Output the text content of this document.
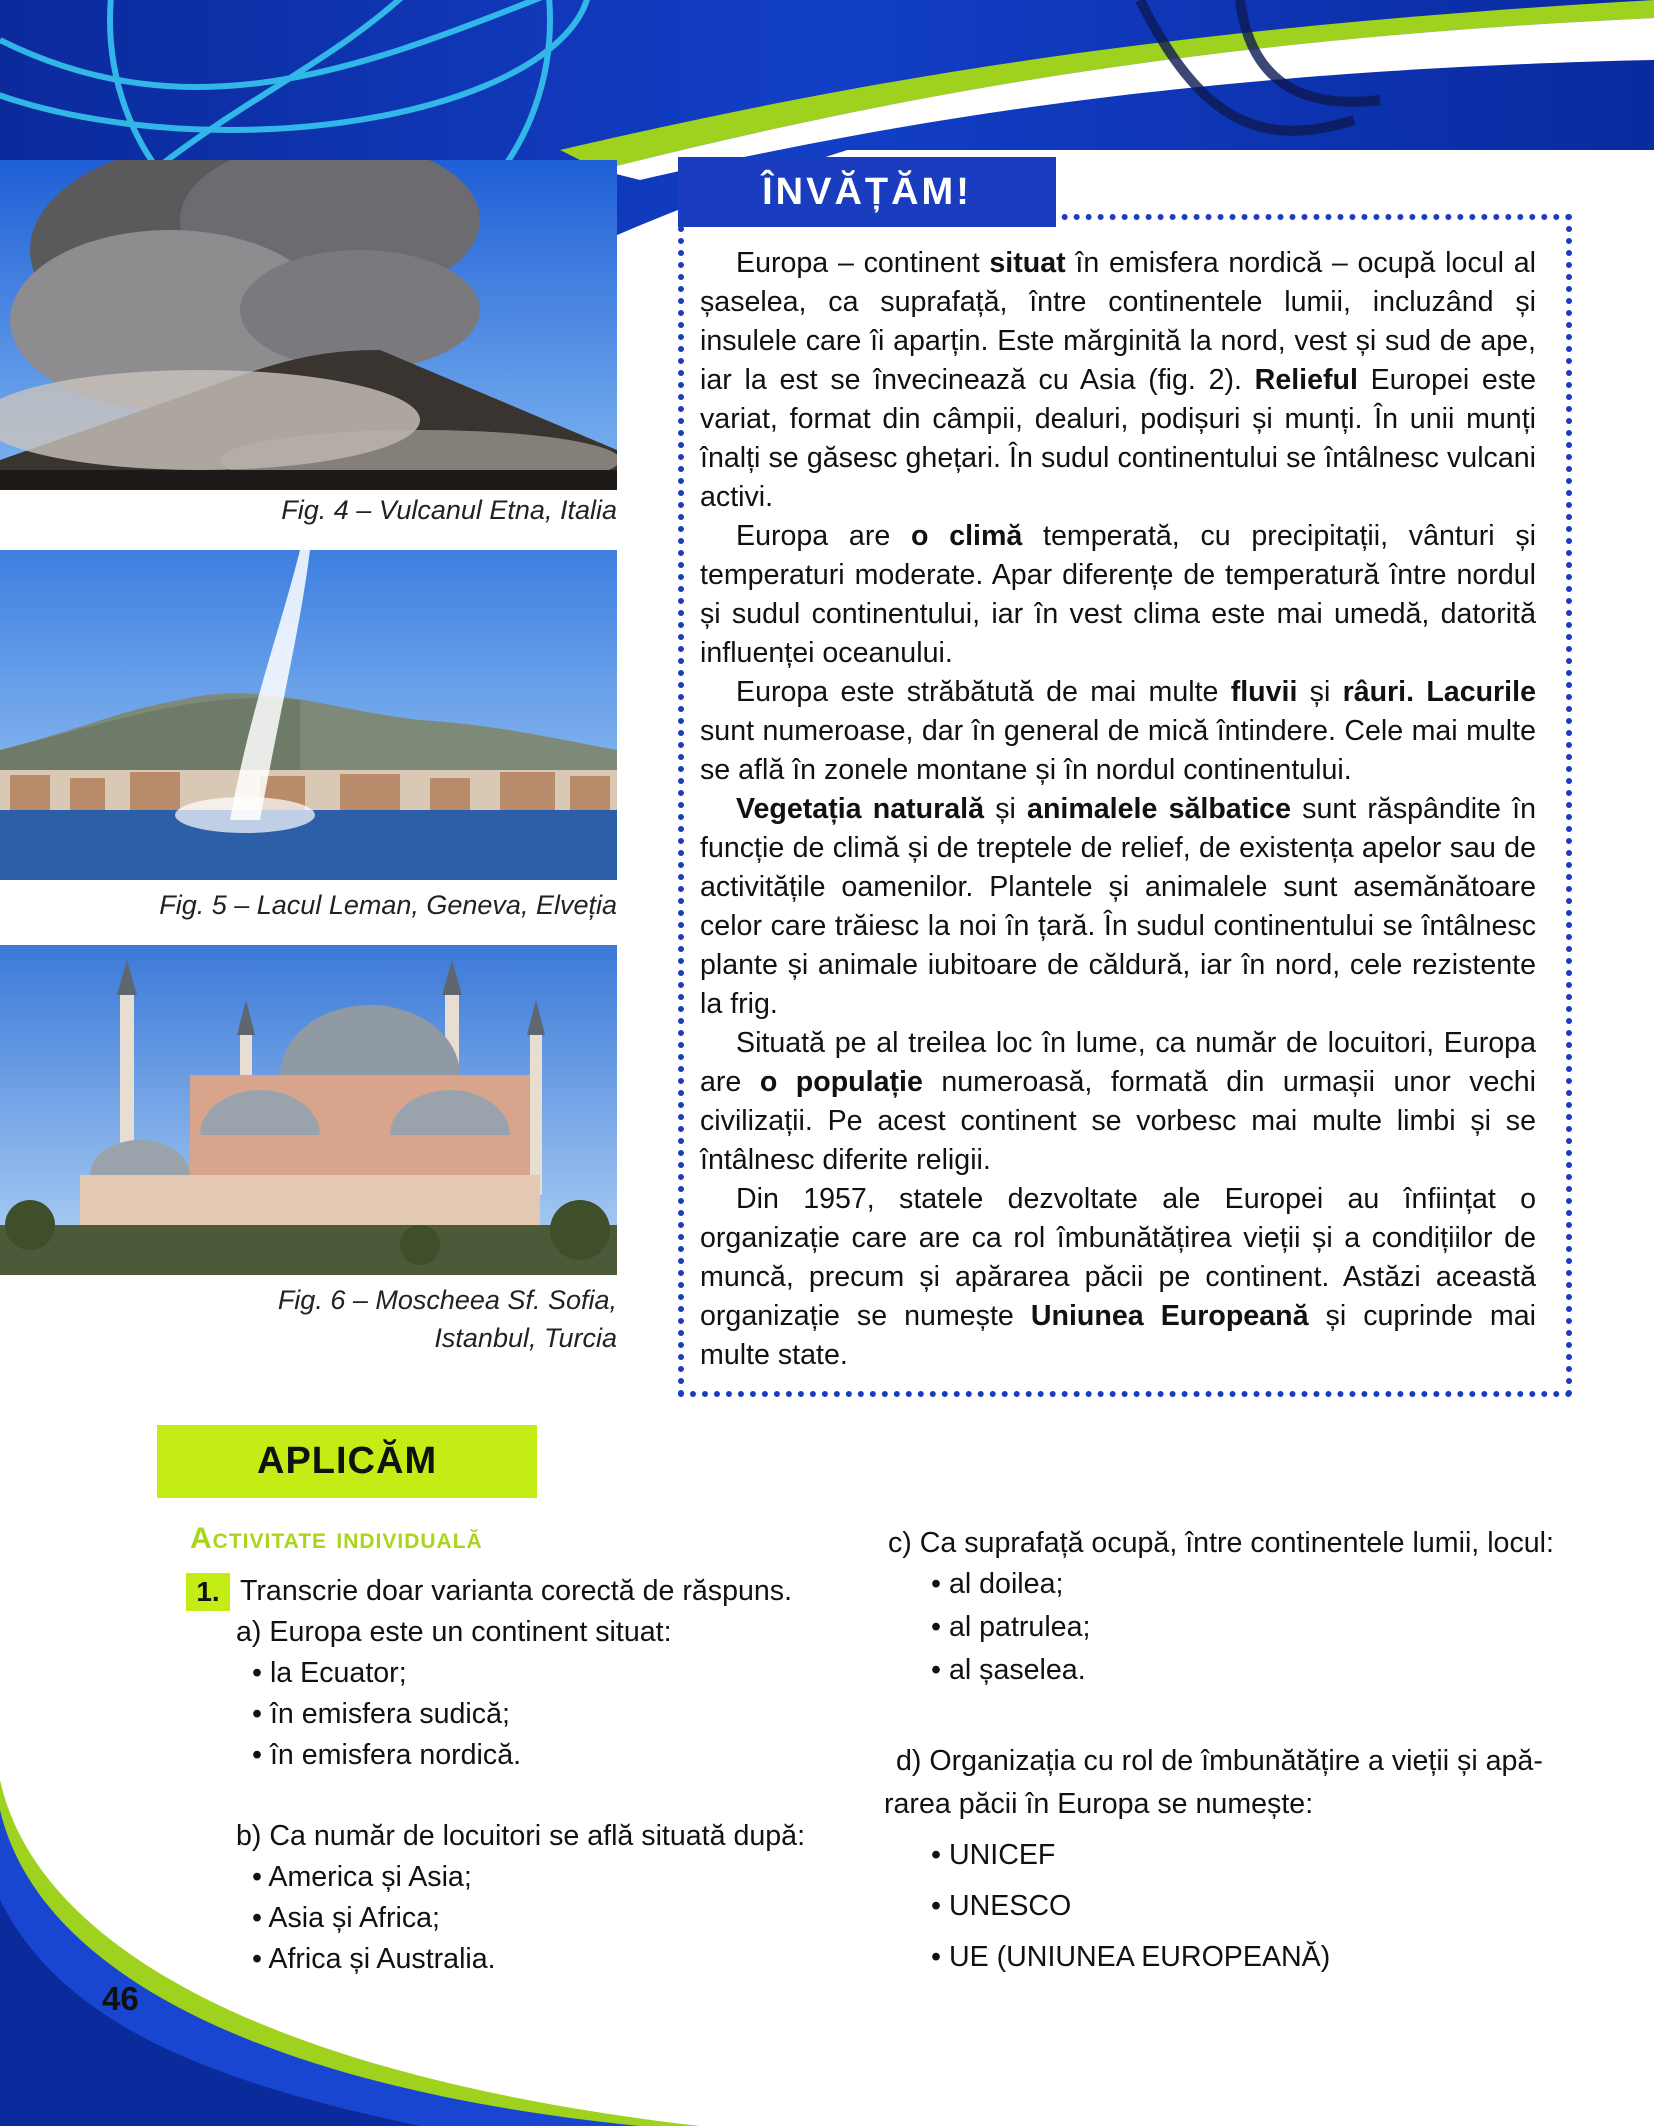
Fig. 4 – Vulcanul Etna, Italia
Fig. 5 – Lacul Leman, Geneva, Elveția
Fig. 6 – Moscheea Sf. Sofia,
Istanbul, Turcia
ÎNVĂȚĂM!

Europa – continent situat în emisfera nordică – ocupă locul al șaselea, ca suprafață, între continentele lumii, incluzând și insulele care îi aparțin. Este mărginită la nord, vest și sud de ape, iar la est se învecinează cu Asia (fig. 2). Relieful Europei este variat, format din câmpii, dealuri, podișuri și munți. În unii munți înalți se găsesc ghețari. În sudul continentului se întâlnesc vulcani activi.

Europa are o climă temperată, cu precipitații, vânturi și temperaturi moderate. Apar diferențe de temperatură între nordul și sudul continentului, iar în vest clima este mai umedă, datorită influenței oceanului.

Europa este străbătută de mai multe fluvii și râuri. Lacurile sunt numeroase, dar în general de mică întindere. Cele mai multe se află în zonele montane și în nordul continentului.

Vegetația naturală și animalele sălbatice sunt răspândite în funcție de climă și de treptele de relief, de existența apelor sau de activitățile oamenilor. Plantele și animalele sunt asemănătoare celor care trăiesc la noi în țară. În sudul continentului se întâlnesc plante și animale iubitoare de căldură, iar în nord, cele rezistente la frig.

Situată pe al treilea loc în lume, ca număr de locuitori, Europa are o populație numeroasă, formată din urmașii unor vechi civilizații. Pe acest continent se vorbesc mai multe limbi și se întâlnesc diferite religii.

Din 1957, statele dezvoltate ale Europei au înființat o organizație care are ca rol îmbunătățirea vieții și a condițiilor de muncă, precum și apărarea păcii pe continent. Astăzi această organizație se numește Uniunea Europeană și cuprinde mai multe state.

APLICĂM
Activitate individuală
1. Transcrie doar varianta corectă de răspuns.
a) Europa este un continent situat:
• la Ecuator;
• în emisfera sudică;
• în emisfera nordică.
b) Ca număr de locuitori se află situată după:
• America și Asia;
• Asia și Africa;
• Africa și Australia.
c) Ca suprafață ocupă, între continentele lumii, locul:
• al doilea;
• al patrulea;
• al șaselea.
d) Organizația cu rol de îmbunătățire a vieții și apă-
rarea păcii în Europa se numește:
• UNICEF
• UNESCO
• UE (UNIUNEA EUROPEANĂ)
46
